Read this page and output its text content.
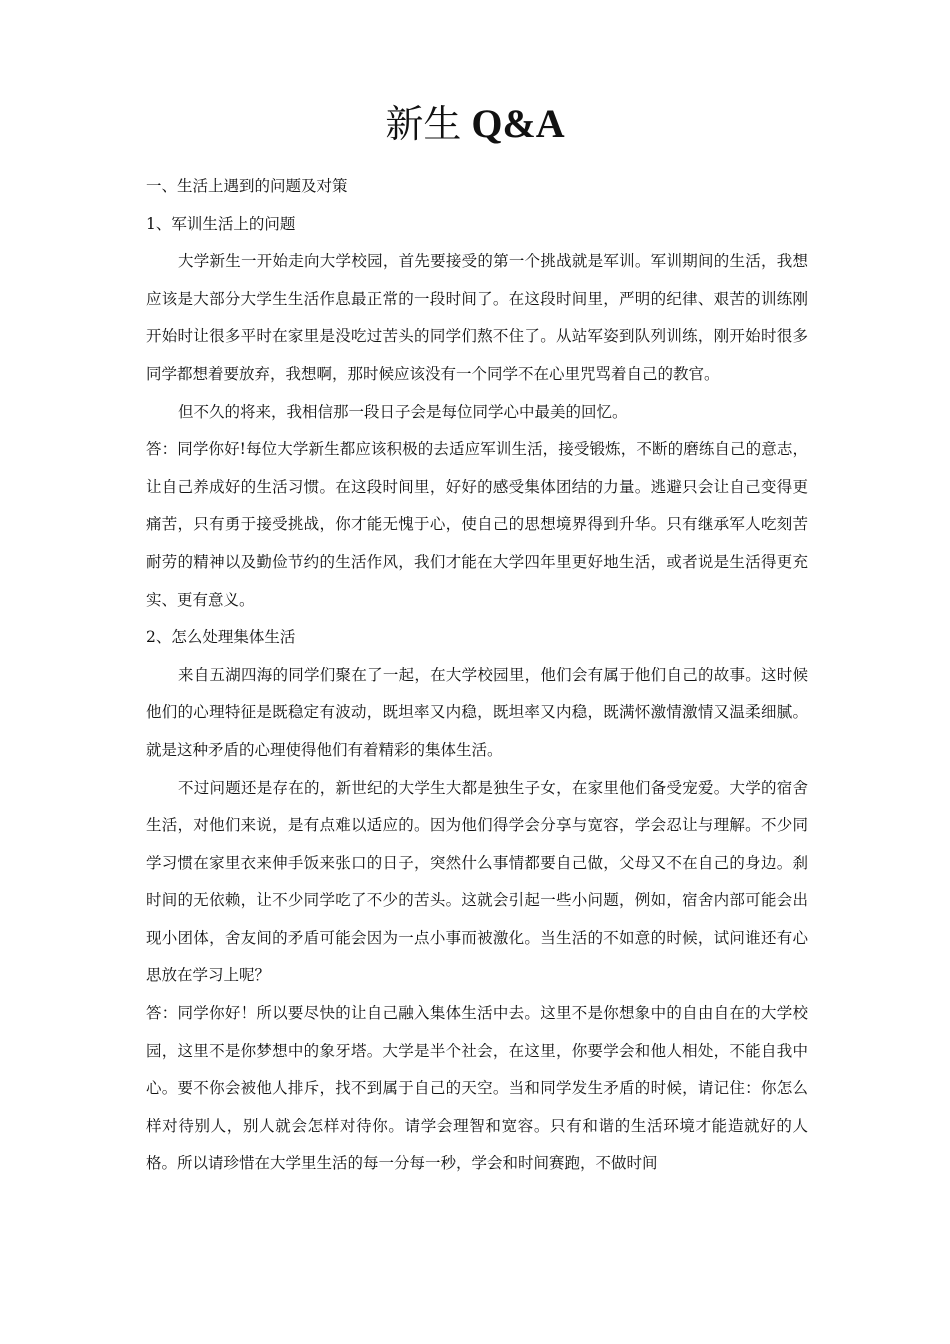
新生 Q&A

一、生活上遇到的问题及对策

1、军训生活上的问题

大学新生一开始走向大学校园，首先要接受的第一个挑战就是军训。军训期间的生活，我想应该是大部分大学生生活作息最正常的一段时间了。在这段时间里，严明的纪律、艰苦的训练刚开始时让很多平时在家里是没吃过苦头的同学们熬不住了。从站军姿到队列训练，刚开始时很多同学都想着要放弃，我想啊，那时候应该没有一个同学不在心里咒骂着自己的教官。

但不久的将来，我相信那一段日子会是每位同学心中最美的回忆。

答：同学你好!每位大学新生都应该积极的去适应军训生活，接受锻炼，不断的磨练自己的意志，让自己养成好的生活习惯。在这段时间里，好好的感受集体团结的力量。逃避只会让自己变得更痛苦，只有勇于接受挑战，你才能无愧于心，使自己的思想境界得到升华。只有继承军人吃刻苦耐劳的精神以及勤俭节约的生活作风，我们才能在大学四年里更好地生活，或者说是生活得更充实、更有意义。

2、怎么处理集体生活

来自五湖四海的同学们聚在了一起，在大学校园里，他们会有属于他们自己的故事。这时候他们的心理特征是既稳定有波动，既坦率又内稳，既坦率又内稳，既满怀激情激情又温柔细腻。就是这种矛盾的心理使得他们有着精彩的集体生活。

不过问题还是存在的，新世纪的大学生大都是独生子女，在家里他们备受宠爱。大学的宿舍生活，对他们来说，是有点难以适应的。因为他们得学会分享与宽容，学会忍让与理解。不少同学习惯在家里衣来伸手饭来张口的日子，突然什么事情都要自己做，父母又不在自己的身边。刹时间的无依赖，让不少同学吃了不少的苦头。这就会引起一些小问题，例如，宿舍内部可能会出现小团体，舍友间的矛盾可能会因为一点小事而被激化。当生活的不如意的时候，试问谁还有心思放在学习上呢？

答：同学你好！所以要尽快的让自己融入集体生活中去。这里不是你想象中的自由自在的大学校园，这里不是你梦想中的象牙塔。大学是半个社会，在这里，你要学会和他人相处，不能自我中心。要不你会被他人排斥，找不到属于自己的天空。当和同学发生矛盾的时候，请记住：你怎么样对待别人，别人就会怎样对待你。请学会理智和宽容。只有和谐的生活环境才能造就好的人格。所以请珍惜在大学里生活的每一分每一秒，学会和时间赛跑，不做时间
